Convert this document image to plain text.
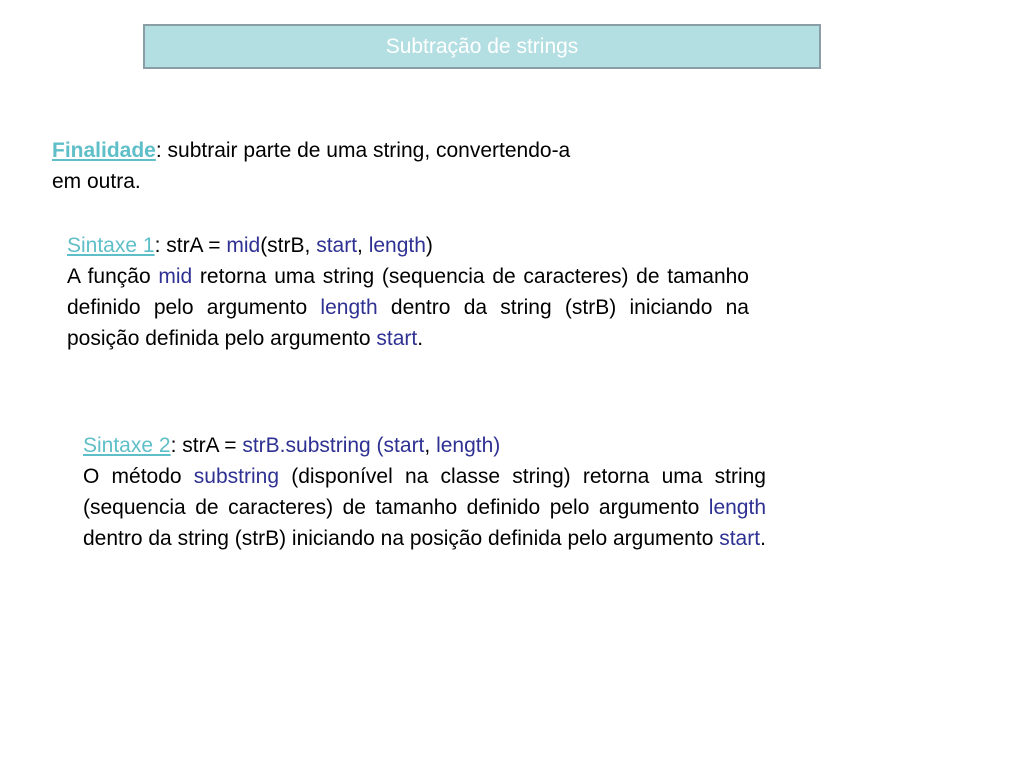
Subtração de strings
Finalidade: subtrair parte de uma string, convertendo-a
em outra.
Sintaxe 1: strA = mid(strB, start, length)
A função mid retorna uma string (sequencia de caracteres) de tamanho definido pelo argumento length dentro da string (strB) iniciando na posição definida pelo argumento start.
Sintaxe 2: strA = strB.substring (start, length)
O método substring (disponível na classe string) retorna uma string (sequencia de caracteres) de tamanho definido pelo argumento length dentro da string (strB) iniciando na posição definida pelo argumento start.
